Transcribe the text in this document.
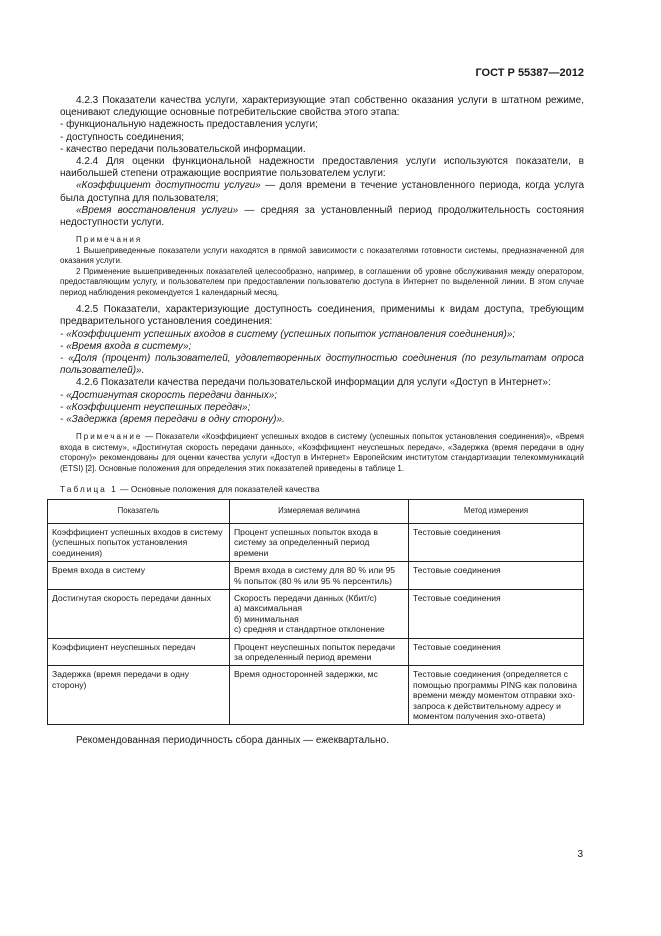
ГОСТ Р 55387—2012

4.2.3 Показатели качества услуги, характеризующие этап собственно оказания услуги в штатном режиме, оценивают следующие основные потребительские свойства этого этапа:

- функциональную надежность предоставления услуги;

- доступность соединения;

- качество передачи пользовательской информации.

4.2.4 Для оценки функциональной надежности предоставления услуги используются показатели, в наибольшей степени отражающие восприятие пользователем услуги:

«Коэффициент доступности услуги» — доля времени в течение установленного периода, когда услуга была доступна для пользователя;

«Время восстановления услуги» — средняя за установленный период продолжительность состояния недоступности услуги.

Примечания

1 Вышеприведенные показатели услуги находятся в прямой зависимости с показателями готовности системы, предназначенной для оказания услуги.

2 Применение вышеприведенных показателей целесообразно, например, в соглашении об уровне обслуживания между оператором, предоставляющим услугу, и пользователем при предоставлении пользователю доступа в Интернет по выделенной линии. В этом случае период наблюдения рекомендуется 1 календарный месяц.

4.2.5 Показатели, характеризующие доступность соединения, применимы к видам доступа, требующим предварительного установления соединения:

- «Коэффициент успешных входов в систему (успешных попыток установления соединения)»;

- «Время входа в систему»;

- «Доля (процент) пользователей, удовлетворенных доступностью соединения (по результатам опроса пользователей)».

4.2.6 Показатели качества передачи пользовательской информации для услуги «Доступ в Интернет»:

- «Достигнутая скорость передачи данных»;

- «Коэффициент неуспешных передач»;

- «Задержка (время передачи в одну сторону)».

Примечание — Показатели «Коэффициент успешных входов в систему (успешных попыток установления соединения)», «Время входа в систему», «Достигнутая скорость передачи данных», «Коэффициент неуспешных передач», «Задержка (время передачи в одну сторону)» рекомендованы для оценки качества услуги «Доступ в Интернет» Европейским институтом стандартизации телекоммуникаций (ETSI) [2]. Основные положения для определения этих показателей приведены в таблице 1.

Таблица 1 — Основные положения для показателей качества
Показатель	Измеряемая величина	Метод измерения
Коэффициент успешных входов в систему (успешных попыток установления соединения)	Процент успешных попыток входа в систему за определенный период времени	Тестовые соединения
Время входа в систему	Время входа в систему для 80 % или 95 % попыток (80 % или 95 % персентиль)	Тестовые соединения
Достигнутая скорость передачи данных	Скорость передачи данных (Кбит/с)
а) максимальная
б) минимальная
с) средняя и стандартное отклонение	Тестовые соединения
Коэффициент неуспешных передач	Процент неуспешных попыток передачи за определенный период времени	Тестовые соединения
Задержка (время передачи в одну сторону)	Время односторонней задержки, мс	Тестовые соединения (определяется с помощью программы PING как половина времени между моментом отправки эхо-запроса к действительному адресу и моментом получения эхо-ответа)

Рекомендованная периодичность сбора данных — ежеквартально.

3
